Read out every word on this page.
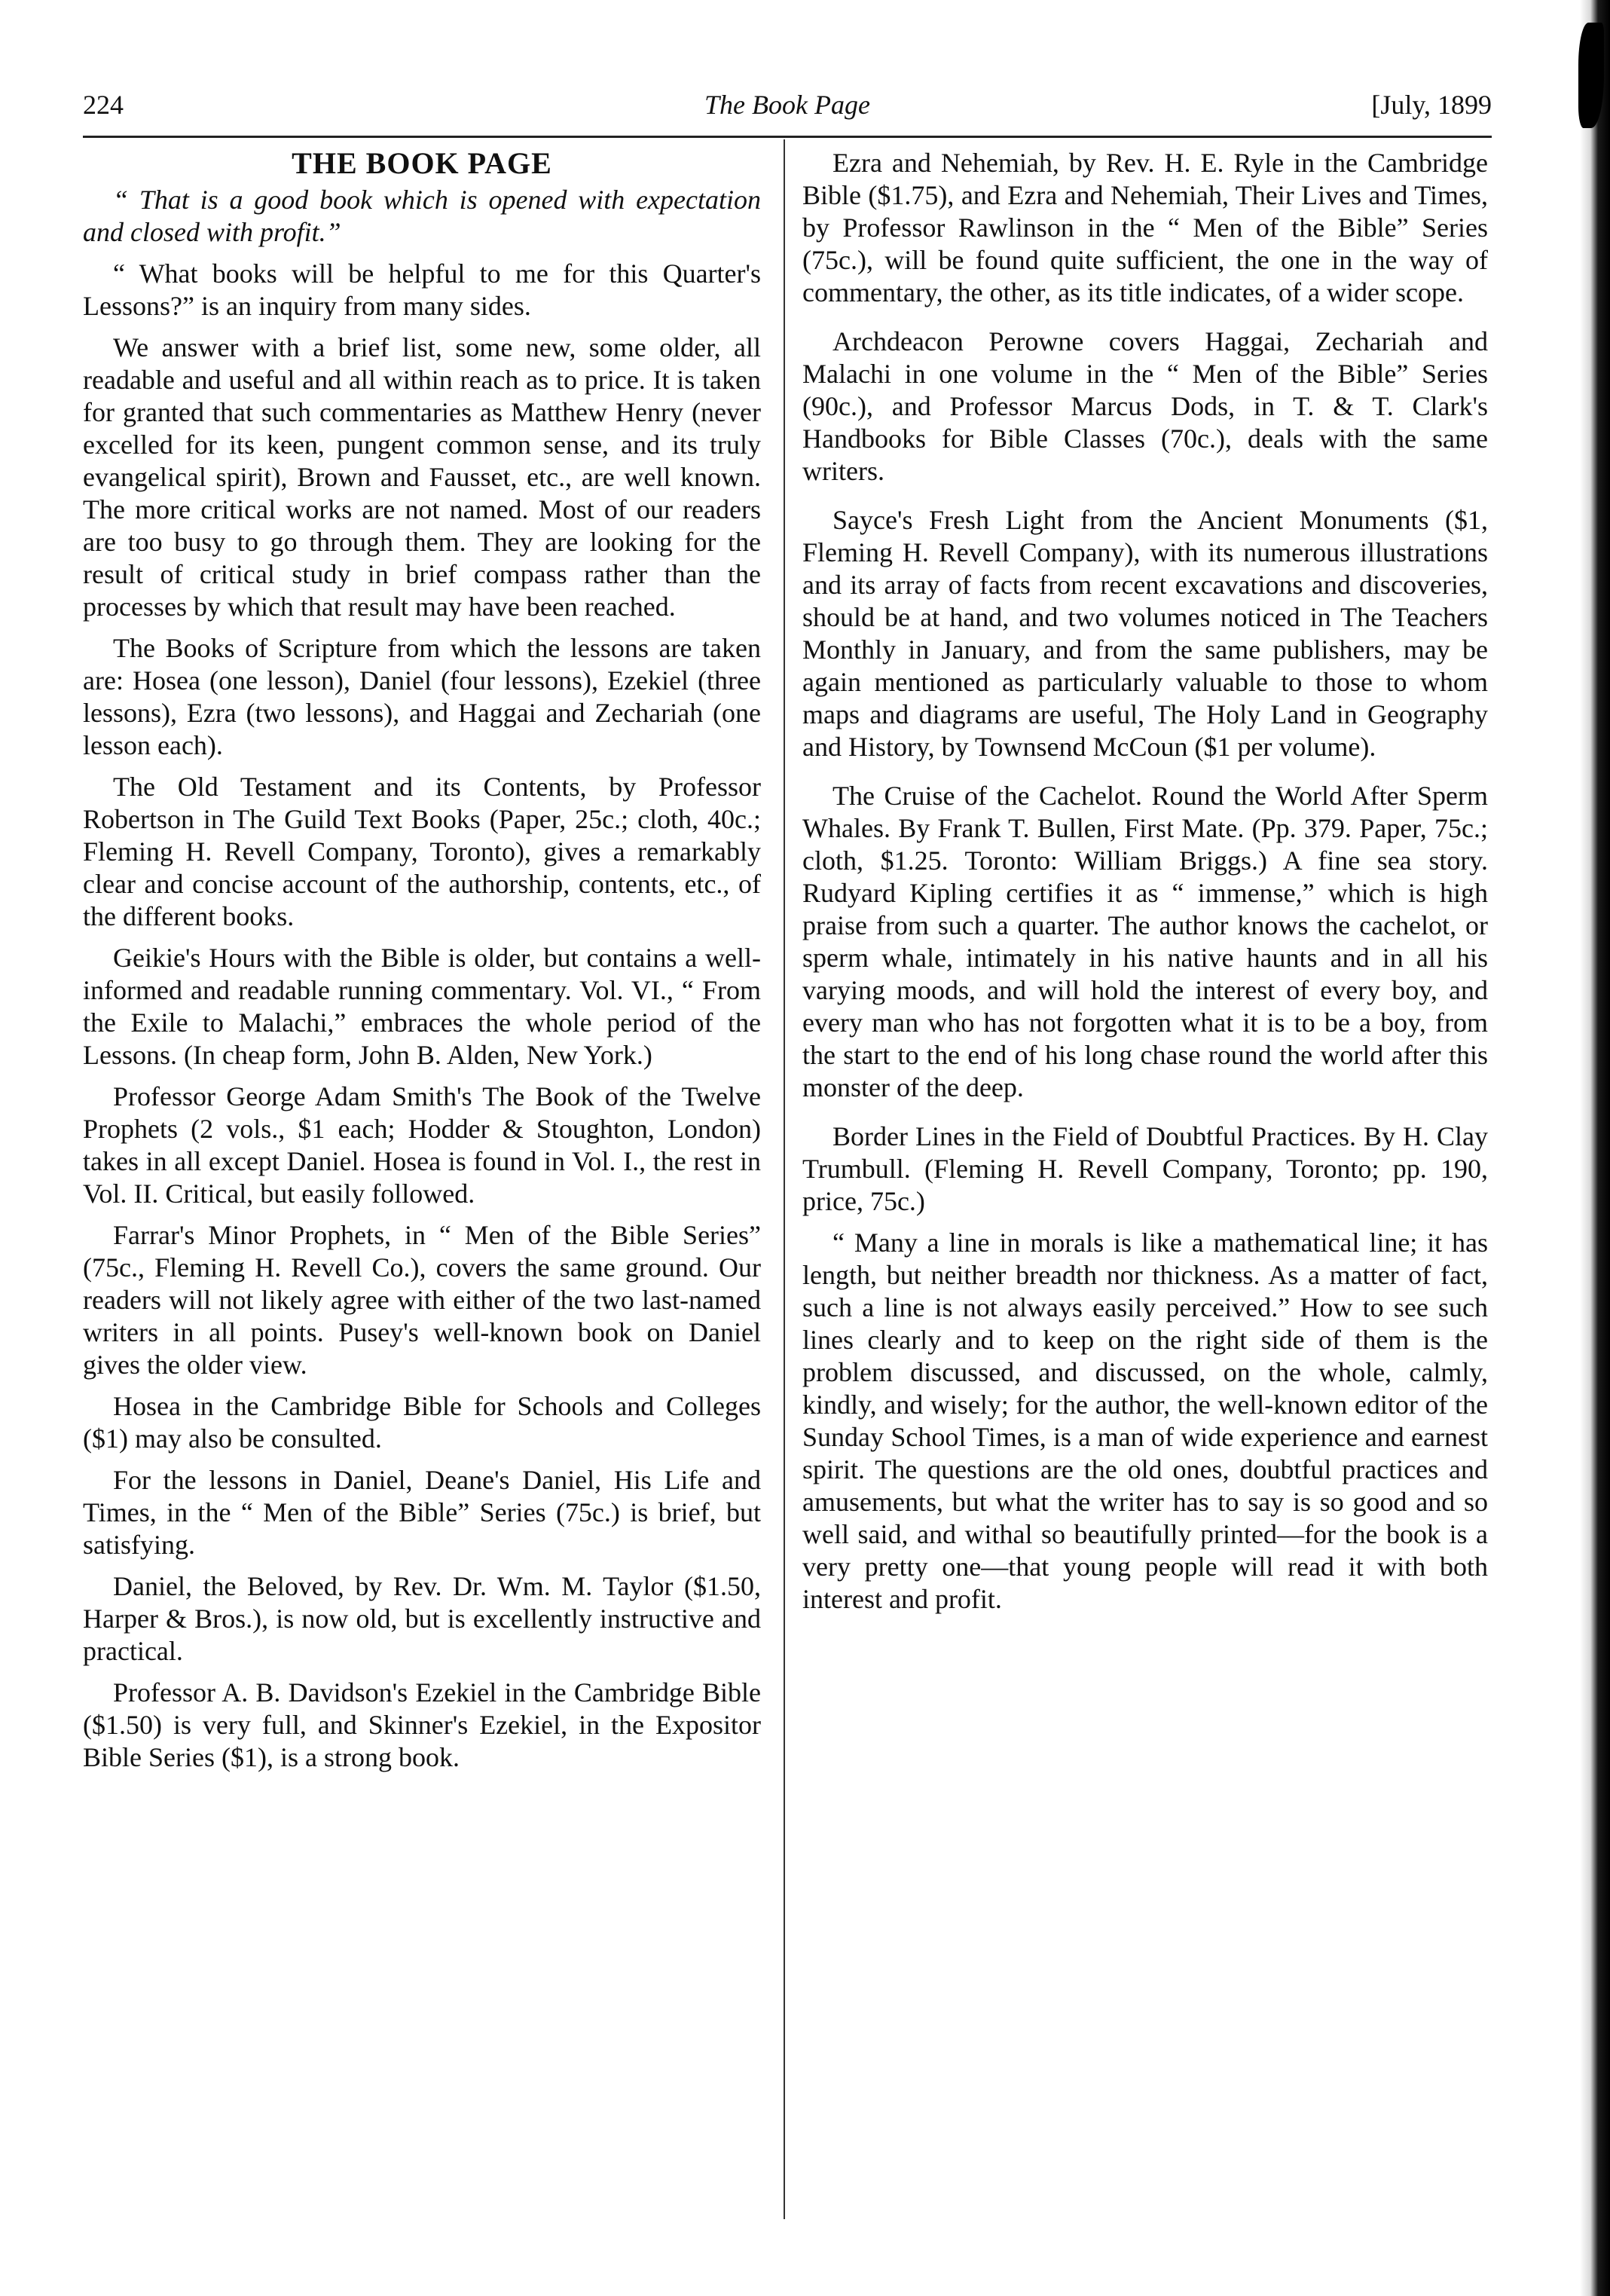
224	The Book Page	[July, 1899
THE BOOK PAGE

“ That is a good book which is opened with expectation and closed with profit.”

“ What books will be helpful to me for this Quarter's Lessons?” is an inquiry from many sides.

We answer with a brief list, some new, some older, all readable and useful and all within reach as to price. It is taken for granted that such commentaries as Matthew Henry (never excelled for its keen, pungent common sense, and its truly evangelical spirit), Brown and Fausset, etc., are well known. The more critical works are not named. Most of our readers are too busy to go through them. They are looking for the result of critical study in brief compass rather than the processes by which that result may have been reached.

The Books of Scripture from which the lessons are taken are: Hosea (one lesson), Daniel (four lessons), Ezekiel (three lessons), Ezra (two lessons), and Haggai and Zechariah (one lesson each).

The Old Testament and its Contents, by Professor Robertson in The Guild Text Books (Paper, 25c.; cloth, 40c.; Fleming H. Revell Company, Toronto), gives a remarkably clear and concise account of the authorship, contents, etc., of the different books.

Geikie's Hours with the Bible is older, but contains a well-informed and readable running commentary. Vol. VI., “ From the Exile to Malachi,” embraces the whole period of the Lessons. (In cheap form, John B. Alden, New York.)

Professor George Adam Smith's The Book of the Twelve Prophets (2 vols., $1 each; Hodder & Stoughton, London) takes in all except Daniel. Hosea is found in Vol. I., the rest in Vol. II. Critical, but easily followed.

Farrar's Minor Prophets, in “ Men of the Bible Series” (75c., Fleming H. Revell Co.), covers the same ground. Our readers will not likely agree with either of the two last-named writers in all points. Pusey's well-known book on Daniel gives the older view.

Hosea in the Cambridge Bible for Schools and Colleges ($1) may also be consulted.

For the lessons in Daniel, Deane's Daniel, His Life and Times, in the “ Men of the Bible” Series (75c.) is brief, but satisfying.

Daniel, the Beloved, by Rev. Dr. Wm. M. Taylor ($1.50, Harper & Bros.), is now old, but is excellently instructive and practical.

Professor A. B. Davidson's Ezekiel in the Cambridge Bible ($1.50) is very full, and Skinner's Ezekiel, in the Expositor Bible Series ($1), is a strong book.

Ezra and Nehemiah, by Rev. H. E. Ryle in the Cambridge Bible ($1.75), and Ezra and Nehemiah, Their Lives and Times, by Professor Rawlinson in the “ Men of the Bible” Series (75c.), will be found quite sufficient, the one in the way of commentary, the other, as its title indicates, of a wider scope.

Archdeacon Perowne covers Haggai, Zechariah and Malachi in one volume in the “ Men of the Bible” Series (90c.), and Professor Marcus Dods, in T. & T. Clark's Handbooks for Bible Classes (70c.), deals with the same writers.

Sayce's Fresh Light from the Ancient Monuments ($1, Fleming H. Revell Company), with its numerous illustrations and its array of facts from recent excavations and discoveries, should be at hand, and two volumes noticed in The Teachers Monthly in January, and from the same publishers, may be again mentioned as particularly valuable to those to whom maps and diagrams are useful, The Holy Land in Geography and History, by Townsend McCoun ($1 per volume).

The Cruise of the Cachelot. Round the World After Sperm Whales. By Frank T. Bullen, First Mate. (Pp. 379. Paper, 75c.; cloth, $1.25. Toronto: William Briggs.) A fine sea story. Rudyard Kipling certifies it as “ immense,” which is high praise from such a quarter. The author knows the cachelot, or sperm whale, intimately in his native haunts and in all his varying moods, and will hold the interest of every boy, and every man who has not forgotten what it is to be a boy, from the start to the end of his long chase round the world after this monster of the deep.

Border Lines in the Field of Doubtful Practices. By H. Clay Trumbull. (Fleming H. Revell Company, Toronto; pp. 190, price, 75c.)

“ Many a line in morals is like a mathematical line; it has length, but neither breadth nor thickness. As a matter of fact, such a line is not always easily perceived.” How to see such lines clearly and to keep on the right side of them is the problem discussed, and discussed, on the whole, calmly, kindly, and wisely; for the author, the well-known editor of the Sunday School Times, is a man of wide experience and earnest spirit. The questions are the old ones, doubtful practices and amusements, but what the writer has to say is so good and so well said, and withal so beautifully printed—for the book is a very pretty one—that young people will read it with both interest and profit.
